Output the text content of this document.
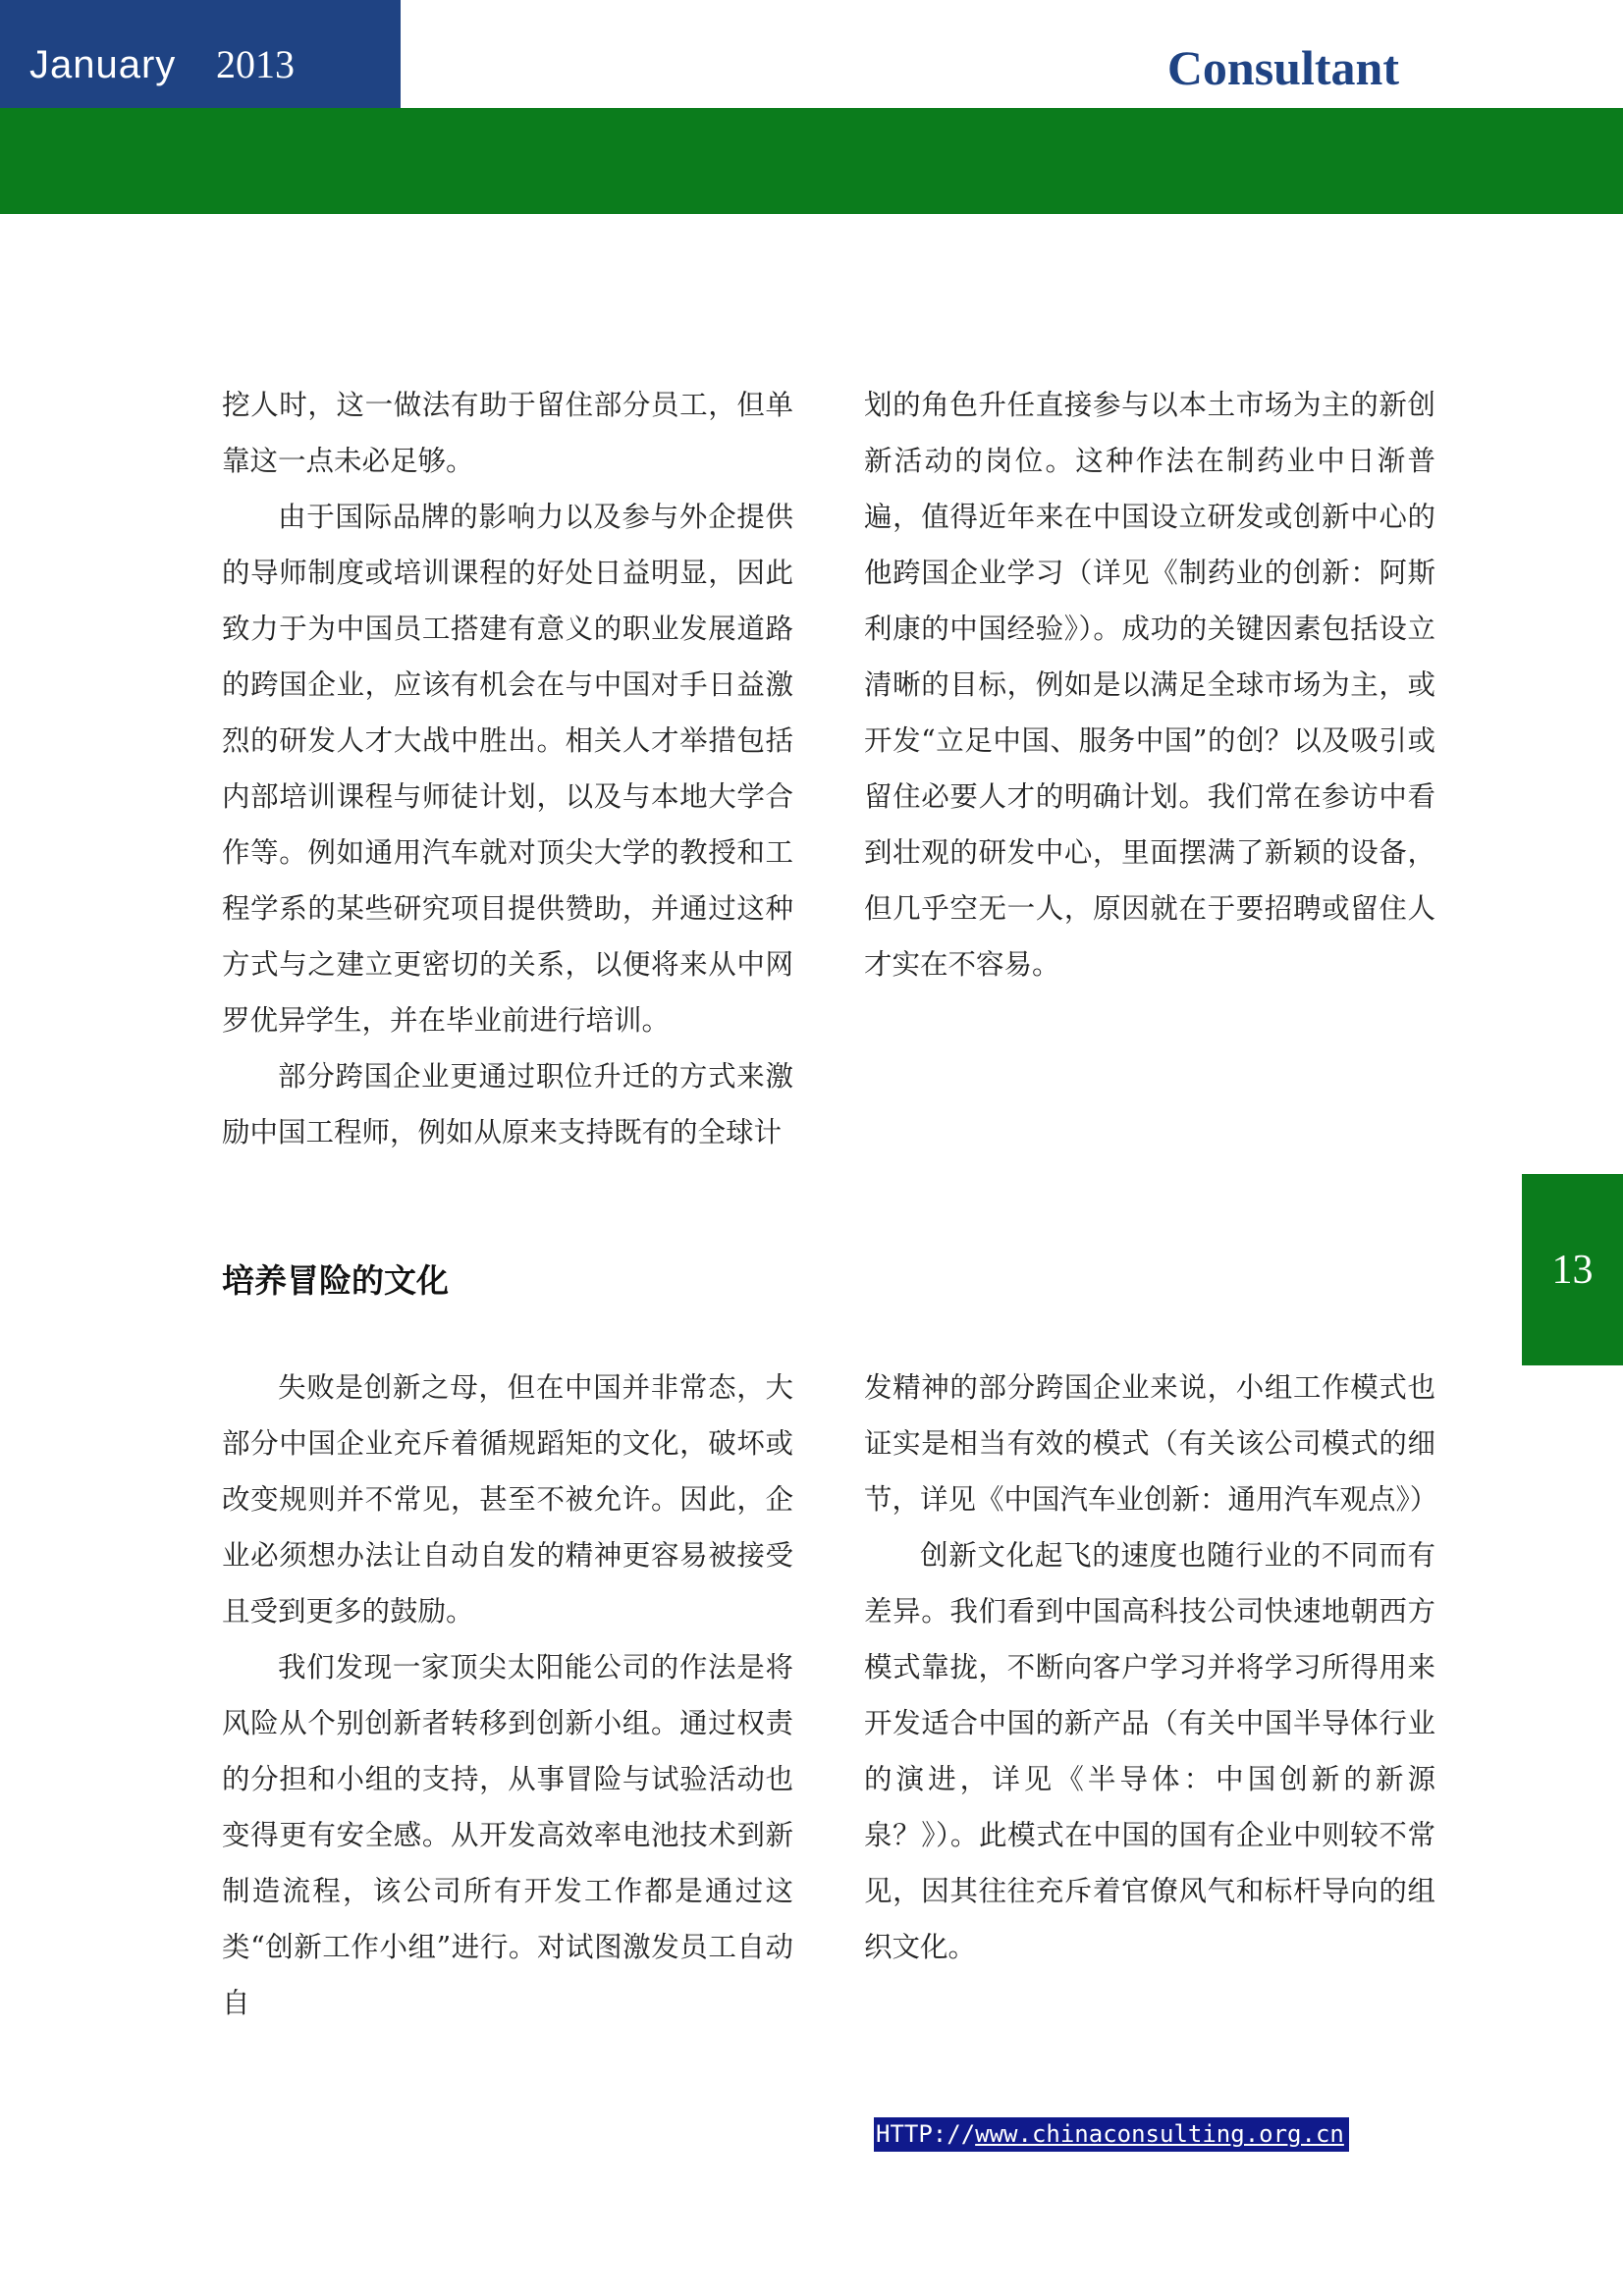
January 2013	Consultant

挖人时，这一做法有助于留住部分员工，但单靠这一点未必足够。

由于国际品牌的影响力以及参与外企提供的导师制度或培训课程的好处日益明显，因此致力于为中国员工搭建有意义的职业发展道路的跨国企业，应该有机会在与中国对手日益激烈的研发人才大战中胜出。相关人才举措包括内部培训课程与师徒计划，以及与本地大学合作等。例如通用汽车就对顶尖大学的教授和工程学系的某些研究项目提供赞助，并通过这种方式与之建立更密切的关系，以便将来从中网罗优异学生，并在毕业前进行培训。

部分跨国企业更通过职位升迁的方式来激励中国工程师，例如从原来支持既有的全球计

划的角色升任直接参与以本土市场为主的新创新活动的岗位。这种作法在制药业中日渐普遍，值得近年来在中国设立研发或创新中心的他跨国企业学习（详见《制药业的创新：阿斯利康的中国经验》）。成功的关键因素包括设立清晰的目标，例如是以满足全球市场为主，或开发“立足中国、服务中国”的创？以及吸引或留住必要人才的明确计划。我们常在参访中看到壮观的研发中心，里面摆满了新颖的设备，但几乎空无一人，原因就在于要招聘或留住人才实在不容易。

培养冒险的文化	13

失败是创新之母，但在中国并非常态，大部分中国企业充斥着循规蹈矩的文化，破坏或改变规则并不常见，甚至不被允许。因此，企业必须想办法让自动自发的精神更容易被接受且受到更多的鼓励。

我们发现一家顶尖太阳能公司的作法是将风险从个别创新者转移到创新小组。通过权责的分担和小组的支持，从事冒险与试验活动也变得更有安全感。从开发高效率电池技术到新制造流程，该公司所有开发工作都是通过这类“创新工作小组”进行。对试图激发员工自动自

发精神的部分跨国企业来说，小组工作模式也证实是相当有效的模式（有关该公司模式的细节，详见《中国汽车业创新：通用汽车观点》）

创新文化起飞的速度也随行业的不同而有差异。我们看到中国高科技公司快速地朝西方模式靠拢，不断向客户学习并将学习所得用来开发适合中国的新产品（有关中国半导体行业的演进，详见《半导体：中国创新的新源泉？》）。此模式在中国的国有企业中则较不常见，因其往往充斥着官僚风气和标杆导向的组织文化。

HTTP://www.chinaconsulting.org.cn
